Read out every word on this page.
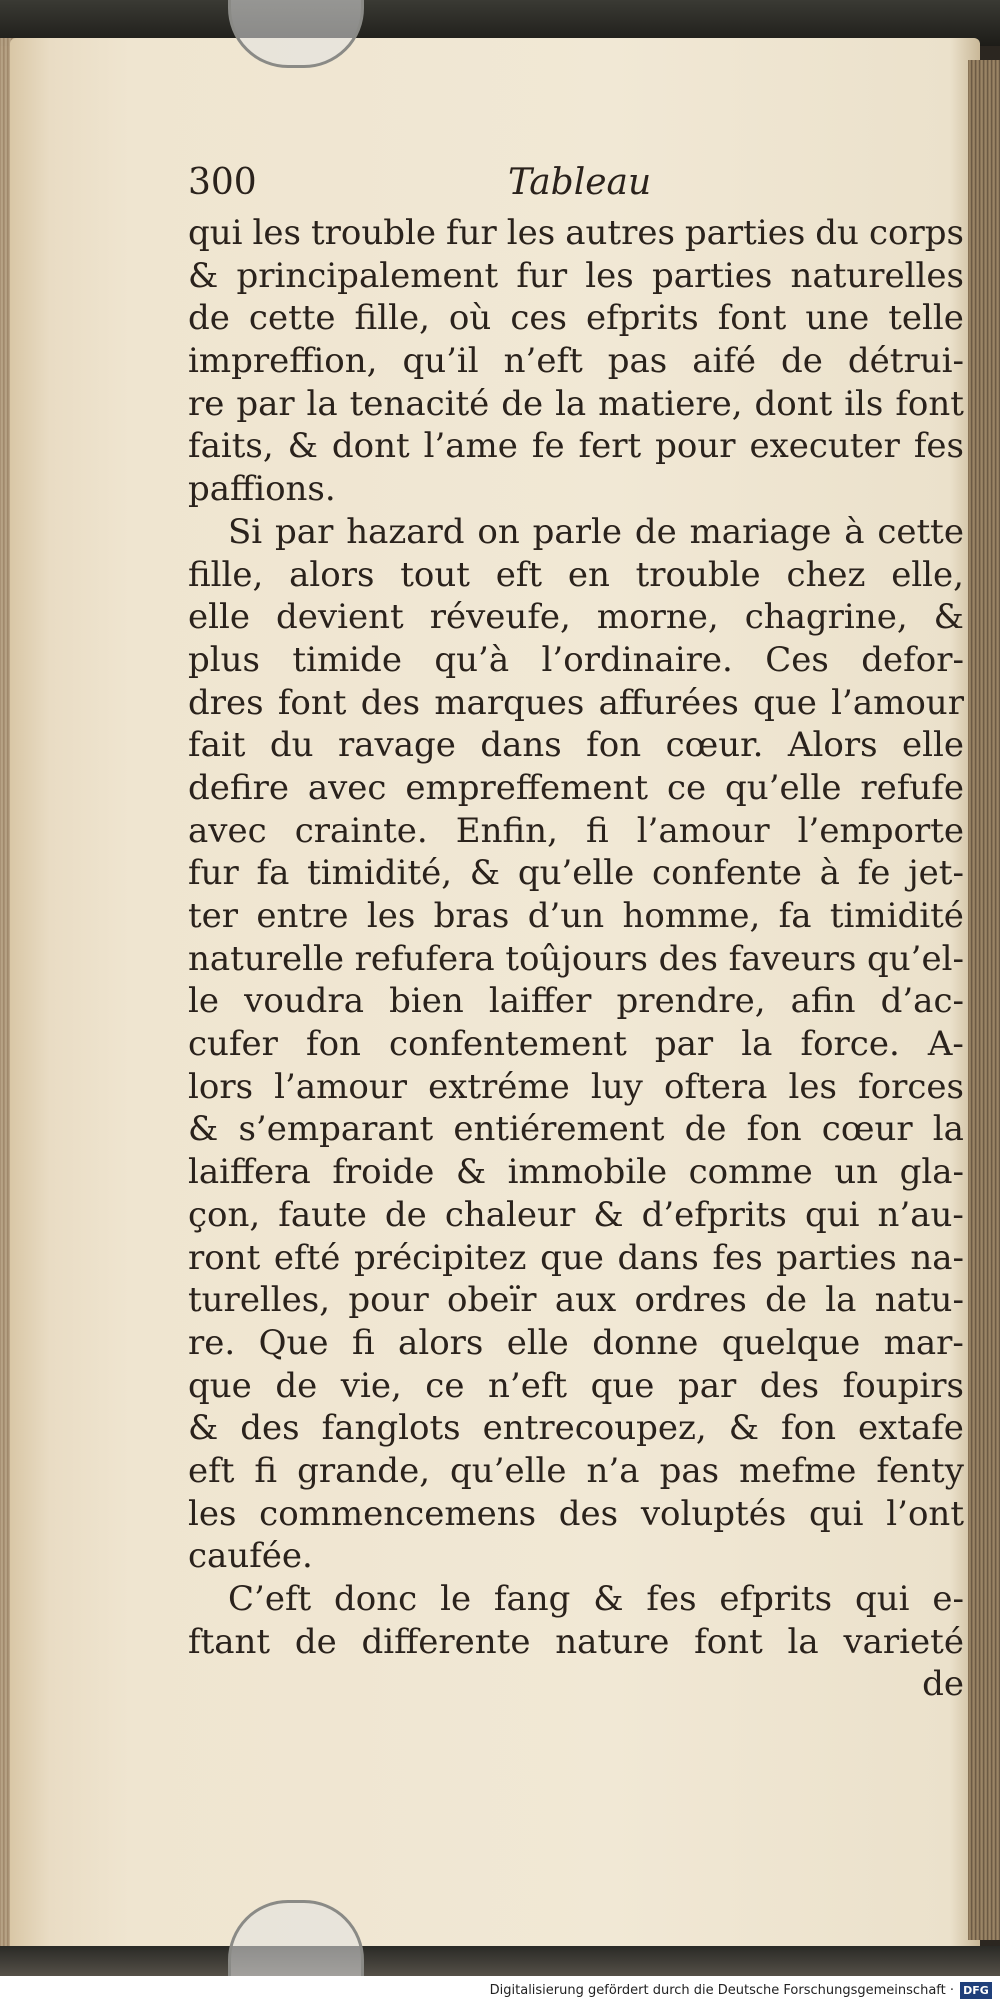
300	Tableau
qui les trouble fur les autres parties du corps
& principalement fur les parties naturelles
de cette fille, où ces efprits font une telle
impreffion, qu’il n’eft pas aifé de détrui-
re par la tenacité de la matiere, dont ils font
faits, & dont l’ame fe fert pour executer fes
paffions.
Si par hazard on parle de mariage à cette
fille, alors tout eft en trouble chez elle,
elle devient réveufe, morne, chagrine, &
plus timide qu’à l’ordinaire. Ces defor-
dres font des marques affurées que l’amour
fait du ravage dans fon cœur. Alors elle
defire avec empreffement ce qu’elle refufe
avec crainte. Enfin, fi l’amour l’emporte
fur fa timidité, & qu’elle confente à fe jet-
ter entre les bras d’un homme, fa timidité
naturelle refufera toûjours des faveurs qu’el-
le voudra bien laiffer prendre, afin d’ac-
cufer fon confentement par la force. A-
lors l’amour extréme luy oftera les forces
& s’emparant entiérement de fon cœur la
laiffera froide & immobile comme un gla-
çon, faute de chaleur & d’efprits qui n’au-
ront efté précipitez que dans fes parties na-
turelles, pour obeïr aux ordres de la natu-
re. Que fi alors elle donne quelque mar-
que de vie, ce n’eft que par des foupirs
& des fanglots entrecoupez, & fon extafe
eft fi grande, qu’elle n’a pas mefme fenty
les commencemens des voluptés qui l’ont
caufée.
C’eft donc le fang & fes efprits qui e-
ftant de differente nature font la varieté
de
Digitalisierung gefördert durch die Deutsche Forschungsgemeinschaft · DFG
